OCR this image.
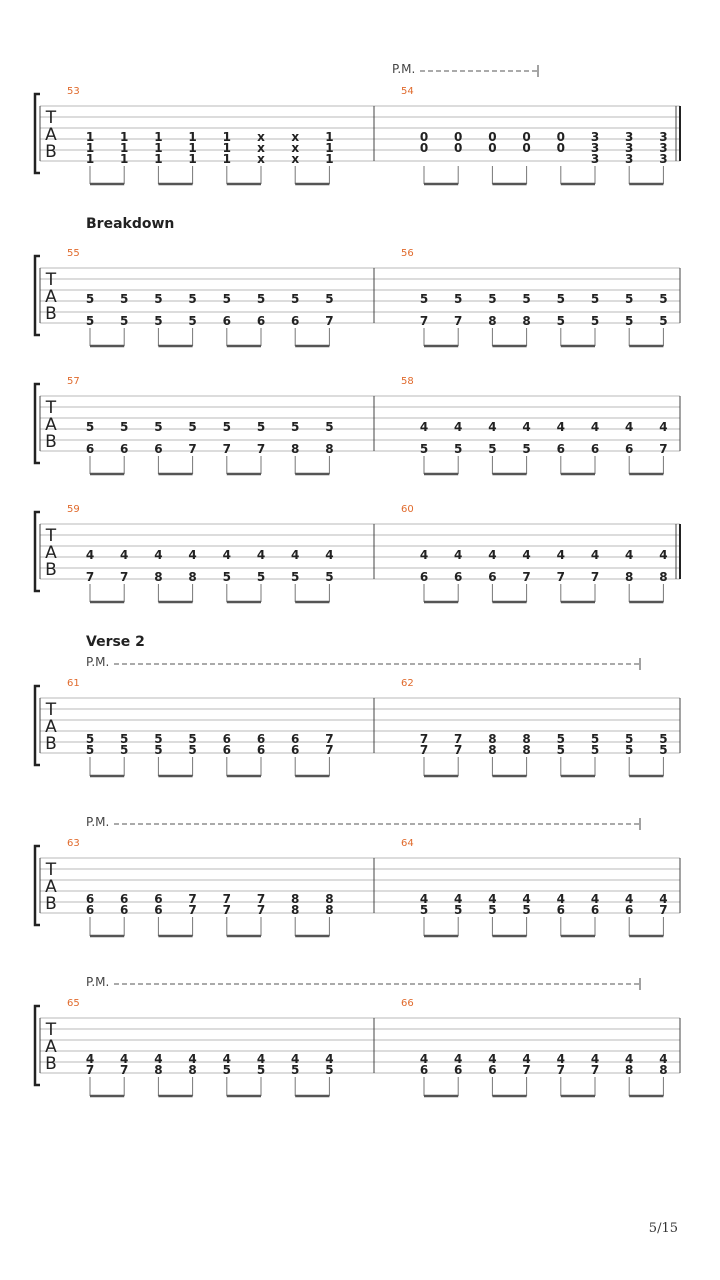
T
A
B
P.M.
53
1
1
1
1
1
1
1
1
1
1
1
1
1
1
1
x
x
x
x
x
x
1
1
1
54
0
0
0
0
0
0
0
0
0
0
3
3
3
3
3
3
3
3
3
T
A
B
Breakdown
55
5
5
5
5
5
5
5
5
5
6
5
6
5
6
5
7
56
5
7
5
7
5
8
5
8
5
5
5
5
5
5
5
5
T
A
B
57
5
6
5
6
5
6
5
7
5
7
5
7
5
8
5
8
58
4
5
4
5
4
5
4
5
4
6
4
6
4
6
4
7
T
A
B
59
4
7
4
7
4
8
4
8
4
5
4
5
4
5
4
5
60
4
6
4
6
4
6
4
7
4
7
4
7
4
8
4
8
T
A
B
Verse 2
P.M.
61
5
5
5
5
5
5
5
5
6
6
6
6
6
6
7
7
62
7
7
7
7
8
8
8
8
5
5
5
5
5
5
5
5
T
A
B
P.M.
63
6
6
6
6
6
6
7
7
7
7
7
7
8
8
8
8
64
4
5
4
5
4
5
4
5
4
6
4
6
4
6
4
7
T
A
B
P.M.
65
4
7
4
7
4
8
4
8
4
5
4
5
4
5
4
5
66
4
6
4
6
4
6
4
7
4
7
4
7
4
8
4
8
5/15
